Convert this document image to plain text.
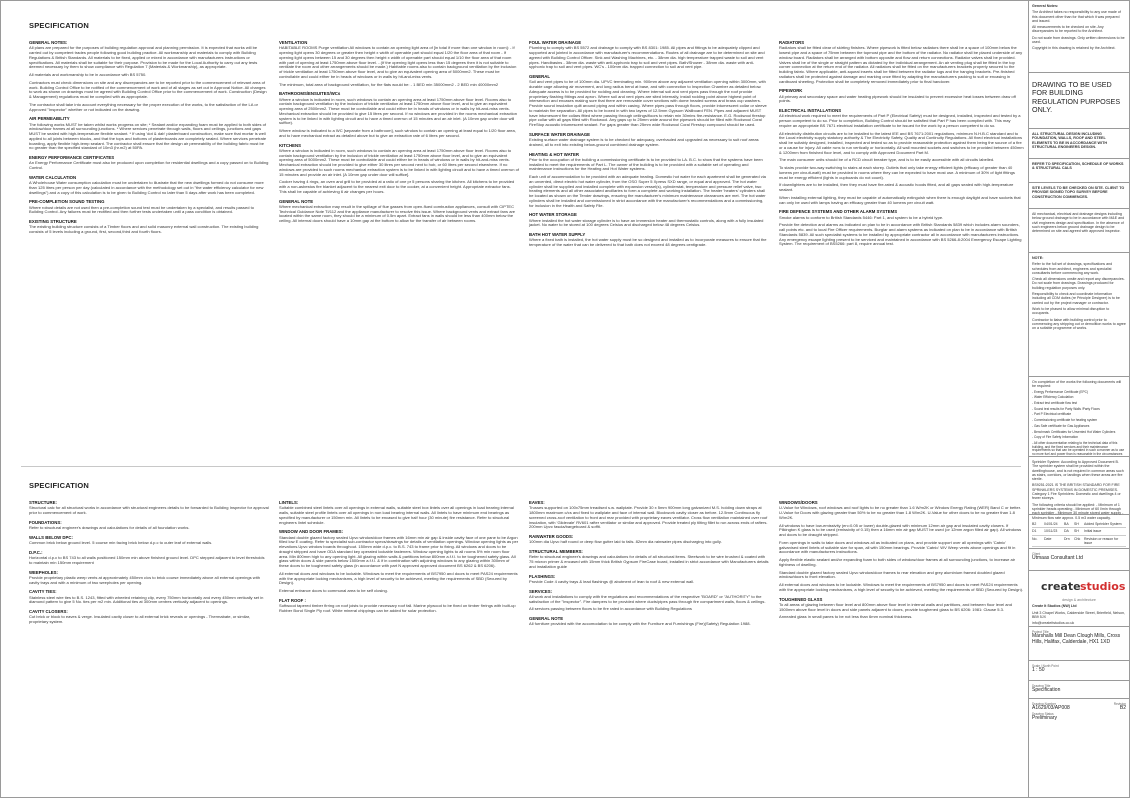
SPECIFICATION
GENERAL NOTES:

All plans are prepared for the purposes of building regulation approval and planning permission. It is expected that works will be carried out by competent trades people following good building practice. All workmanship and materials to comply with Building Regulations & British Standards. All materials to be fixed, applied or mixed in accordance with manufacturers instructions or specifications. All materials shall be suitable for their purpose. Provision to be made for the Local Authority to carry out any tests deemed necessary by them to show compliance with Regulation 7 (Materials & Workmanship), as appropriate.

All materials and workmanship to be in accordance with BS 5750.

Contractors must check dimensions on site and any discrepancies are to be reported prior to the commencement of relevant area of work. Building Control Office to be notified of the commencement of work and of all stages as set out in Approval Notice. All changes to work as shown on drawings must be agreed with Building Control Office prior to the commencement of work. Construction (Design & Management) regulations must be complied with as appropriate.

The contractor shall take into account everything necessary for the proper execution of the works, to the satisfaction of the LA or Approved "Inspector" whether or not indicated on the drawing.

AIR PERMEABILITY

The following works MUST be taken whilst works progress on site; * Sealant and/or expanding foam must be applied to both sides of window/door frames at all surrounding junctions. * Where services penetrate through walls, floors and ceilings, junctions and gaps MUST be sealed with high-temperature flexible sealant. * If using 'dot & dab' plasterboard construction, make sure that mortar is well applied to all joints between blocks, and that the tops and bottoms of plasterboards are completely sealed. Where services penetrate boarding, apply flexible high-temp sealant. The contractor shall ensure that the design air permeability of the building fabric must be no greater than the specified standard of 10m3 (hr.m2) at 50PA.

ENERGY PERFORMANCE CERTIFICATES

An Energy Performance Certificate must also be produced upon completion for residential dwellings and a copy passed on to Building Control.

WATER CALCULATION

A Wholehouse Water consumption calculation must be undertaken to illustrate that the new dwellings formed do not consume more than 125 litres per person per day (calculated in accordance with the methodology set out in "the water efficiency calculator for new dwellings") and a copy of this calculation is to be given to Building Control no later than 5 days after work has been completed.

PRE-COMPLETION SOUND TESTING

Where robust details are not used then a pre-completion sound test must be undertaken by a specialist, and results passed to Building Control. Any failures must be rectified and then further tests undertaken until a pass condition is obtained.

EXISTING STRUCTURE

The existing building structure consists of a Timber floors and and solid masonry external wall construction. The existing building consists of 5 levels including a ground, first, second,third and fourth floors.

VENTILATION

HABITABLE ROOMS Purge ventilation All windows to contain an opening light area of [in total if more than one window in room]: - If opening light opens 30 degrees or greater then height x width of openable part should equal 1/20 the floor area of that room - If opening light opens between 15 and 30 degrees then height x width of openable part should equal 1/10 the floor area of that room with part of opening at least 1750mm above floor level. - (If the opening light opens less than 15 degrees then it is not suitable to ventilate the room and other arrangements should be made.) Habitable rooms also to contain background ventilation by the inclusion of trickle ventilation at least 1750mm above floor level, and to give an equivalent opening area of 5000mm2. These must be controllable and could either be in heads of windows or in walls by hit-and-miss vents.

The minimum, total area of background ventilation, for the flats would be: - 1 BED min 35000mm2 - 2 BED min 40000mm2

BATHROOMS/ENSUITES/WCs

Where a window is indicated in room, such windows to contain an opening area at least 1750mm above floor level. Rooms also to contain background ventilation by the inclusion of trickle ventilation at least 1750mm above floor level, and to give an equivalent opening area of 2500mm2. These must be controllable and could either be in heads of windows or in walls by hit-and-miss vents. Mechanical extraction should be provided to give 15 litres per second. If no windows are provided in the rooms mechanical extraction system is to be linked in with lighting circuit and to have a timed overrun of 15 minutes and an air inlet. (A 10mm gap under door will suffice).

Where window is indicated to a WC [separate from a bathroom], such window to contain an opening at least equal to 1/20 floor area, and to have mechanical extract as detailed above but to give an extraction rate of 6 litres per second.

KITCHENS

Where a window is indicated in room, such windows to contain an opening area at least 1750mm above floor level. Rooms also to contain background ventilation by the inclusion of trickle ventilation at least 1750mm above floor level, and to give an equivalent opening area of 5000mm2. These must be controllable and could either be in heads of windows or in walls by hit-and-miss vents. Mechanical extraction should be provided to give either 30 litres per second next to hob, or 60 litres per second elsewhere. If no windows are provided to such rooms mechanical extraction system is to be linked in with lighting circuit and to have a timed overrun of 15 minutes and provide an air inlet. [A 10mm gap under door will suffice].

Cooker having 4 rings, an oven and grill to be provided at a ratio of one pr 5 persons sharing the kitchen. All kitchens to be provided with a non-asbestos fire blanket adjacent to the nearest exit door to the cooker, at a convenient height. Appropriate extractor fans. This shall be capable of achieving 6 air changes per hours.

GENERAL NOTE

Where mechanical extraction may result in the spillage of flue gasses from open-flued combustion appliances, consult with CIPTEC Technical Guidance Note TI/112 and the appliance manufacturer to resolve this issue. Where background vents and extract fans are located within the same room, they should be a minimum of 0.5m apart. Extract fans in walls should be less than 400mm below the ceiling. All internal doors should have a 10mm gap at the bottom to allow for the transfer of air between rooms.

FOUL WATER DRAINAGE

Plumbing to comply with BS 5572 and drainage to comply with BS 8301: 1985. All pipes and fittings to be adequately clipped and supported and jointed in accordance with manufacturer's recommendations. Routes of all drainage are to be determined on site and agreed with Building Control Officer. Sink and Washing Machines, etc. - 38mm dia. high temperature trapped waste to soil and vent pipes. Handbasins - 38mm dia. waste with anti-syphonic trap to soil and vent pipes. Bath/Shower - 38mm dia. waste with anti-syphonic trap to soil and vent pipes. WC's - 100mm dia. trapped connection to soil and vent pipe.

GENERAL

Soil and vent pipes to be of 100mm dia. UPVC terminating min. 900mm above any adjacent ventilation opening within 3000mm, with durable cage allowing air movement, and long radius bend at base, and with connection to Inspection Chamber as detailed below. Adequate access is to be provided for rodding and cleaning. Where internal soil and vent pipes pass through the roof provide proprietary flashing fittings and apron. Where soil and vent pipes are sited internally, install rodding point above highest point of intersection and encases making sure that there are removable cover sections with dome headed screws and brass cup washers. Provide sound insulation quilt around piping and within casing. Where pipes pass through floors, provide intumescent collar or sleeve to maintain fire separation. All pipes to be boxed in with two layers of 12.5mm Gypsum Wallboard FEN. Pipes and adjacent MUST have intumescent fire collars fitted where passing through ceilings/floors to retain min 30mins fire-resistance. E.G. Rockwool firestop pipe collar with all gaps filled with Rockwool. Any gaps up to 25mm wide around the pipework should be filled with Rockwool Coral FireStop acoustic intumescent sealant. For gaps greater than 25mm wide Rockwool Coral Firestop compound should be used.

SURFACE WATER DRAINAGE

Existing surface water drainage system is to be checked for adequacy, overhauled and upgraded as necessary to suit roof areas drained, all to exit into existing below-ground combined drainage system.

HEATING & HOT WATER

Prior to the occupation of the building a commissioning certificate is to be provided to LA. B.C. to show that the systems have been installed to meet the requirements of Part L. The owner of the building is to be provided with a suitable set of operating and maintenance instructions for the Heating and Hot Water systems.

Each unit of accommodation to be provided with an adequate heating. Domestic hot water for each apartment shall be generated via an unvented, direct electric hot water cylinder, from the OSO Super 5 Xpress SXD range, or equal and approved. The hot water cylinder shall be supplied and installed complete with expansion vessel(s), cylinderstat, temperature and pressure relief valve, two heating elements and all other associated ancillaries to form a complete and working installation. The heater 'heaters' cylinders shall be located as shown on the Tender drawings, ensuring the manufacturer's minimum maintenance clearances are met. The hot water cylinders shall be installed and commissioned in strict accordance with the manufacturer's recommendations and a commissioning, for inclusion in the Health and Safety File.

HOT WATER STORAGE

Where installed the hot water storage cylinder is to have an immersion heater and thermostatic controls, along with a fully insulated jacket. No water to be stored at 100 degrees Celsius and discharged below 48 degrees Celsius.

BATH HOT WATER SUPPLY

Where a fixed bath is installed, the hot water supply must be so designed and installed as to incorporate measures to ensure that the temperature of the water that can be delivered to that bath does not exceed 48 degrees centigrade.

RADIATORS

Radiators shall be fitted clear of skirting finishes. Where pipework is fitted below radiators there shall be a space of 100mm below the lowest pipe and a space of 75mm between the topmost pipe and the bottom of the radiator. No radiator shall be placed underside of any window board. Radiators shall be arranged with bottom opposite and flow and return connections. Radiator valves shall be provided. Valves shall be of the single or straight pattern as dictated by the individual arrangement. An air venting plug shall be fitted in the top corner connection at the return end of the radiator. All radiators shall be fitted on the manufacturers brackets properly secured to the building fabric. Where applicable, anti-squeal inserts shall be fitted between the radiator lugs and the hanging brackets. Pre-finished radiators shall be protected against damage and marking once fitted by adapting the manufacturers packing to suit or encasing in cardboard sheeting. Protection shall be completely removed immediately prior to final handover.

PIPEWORK

All primary and secondary space and water heating pipework should be insulated to prevent excessive heat losses between draw off points.

ELECTRICAL INSTALLATIONS

All electrical work required to meet the requirements of Part P (Electrical Safety) must be designed, installed, inspected and tested by a person competent to do so. Prior to completion, Building Control should be satisfied that Part P has been complied with. This may require an appropriate BS 7671 electrical installation certificate to be issued for the work by a person competent to do so.

All electricity distribution circuits are to be installed to the latest IEE and BS 7671:2001 regulations, minimum N.H.B.C standard and to the Local electricity supply statutory authority & The Electricity Safety, Quality and Continuity Regulations. All fixed electrical installations shall be suitably designed, installed, inspected and tested so as to provide reasonable protection against them being the source of a fire or a cause for injury. All cable runs to run vertically or horizontally. All wall mounted sockets and switches to be provided between 450mm & 1200mm from finished floor level, and to comply with Approved Document Part M.

The main consumer units should be of a RCD circuit breaker type, and is to be easily accessible with all circuits labelled.

To stairs provide two-way switching to stairs at each storey. Outlets that only take energy efficient lights (efficacy of greater than 40 lumens per circuit-watt) must be provided in rooms where they can be expected to have most use. A minimum of 30% of light fittings must be energy efficient (lights in cupboards do not count).

If downlighters are to be installed, then they must have fire-rated & acoustic hoods fitted, and all gaps sealed with high-temperature sealant.

When installing external lighting, they must be capable of automatically extinguish when there is enough daylight and have sockets that can only be used with lamps having an efficacy greater than 40 lumens per circuit watt.

FIRE DEFENCE SYSTEMS AND OTHER ALARM SYSTEMS

Smoke alarms to conform to British Standards 5446: Part 1, and system to be a hybrid type.

Provide fire detection and alarms as indicated on plan to be in accordance with British Standards 5839 which includes alarm sounders, call points etc. and to local Fire Officer requirements. Burglar and alarm systems as indicated on plan to be in accordance with British Standards 5839. All such specialist systems to be installed by appropriate contractor all in accordance with manufacturers instructions. Any emergency escape lighting present to be serviced and maintained in accordance with BS 5266-8:2004 Emergency Escape Lighting System. The requirement of BS5266: part 8, require annual test.

SPECIFICATION
STRUCTURE:

Structural calc for all structural works in accordance with structural engineers details to be forwarded to Building Inspector for approval prior to commencement of work.

FOUNDATIONS:

Refer to structural engineer's drawings and calculations for details of all foundation works.

WALLS BELOW DPC:

Common brick below ground level. 5 course min facing brick below d.p.c to outer leaf of external walls.

D.P.C.:

Horizontal d.p.c to BS 743 to all walls positioned 150mm min above finished ground level. DPC stepped adjacent to level thresholds to maintain min 150mm requirement

WEEPHOLES:

Provide proprietary plastic weep vents at approximately 450mm c/cs to brick course immediately above all external openings with cavity trays and with a minimum of two weepholes per opening.

CAVITY TIES:

Stainless steel wire ties to B.S. 1243, fitted with wheeled retaining clip, every 750mm horizontally and every 450mm vertically set in diamond pattern to give 5 No. ties per m2 min. Additional ties at 300mm centres vertically adjacent to openings.

CAVITY CLOSERS:

Cut brick or block to eaves & verge. Insulated cavity closer to all external brick reveals or openings - Thermabate, or similar, proprietary system.

LINTELS:

Suitable combined steel lintels over all openings in external walls, suitable steel box lintels over all openings in load bearing internal walls, suitable steel profile lintels over all openings in non load bearing internal walls. All lintels to have minimum end bearings as specified by manufacturer or 150mm min. All lintels to be encased to give half hour (30 minute) fire resistance. Refer to structural engineers lintel schedule.

WINDOW AND DOOR FRAMES:

Standard double glazed factory sealed Upvc window/door frames with 16mm min air gap & inside cavity face of one pane to be Argon filled low E coating. Refer to specialist sub-contractor specs/drawings for details of ventilation openings. Window opening lights as per elevations.Upvc window boards throughout. 150mm wide d.p.c. to B.S. 743 to frame prior to fixing. All windows and doors to be draught stripped and have ODA standard key operated lockable fasteners. Window opening lights to all rooms 5% min room floor area. Min 800mm high to any opening light. All glazing within walls & partitions below 800mm a.f.f.l. to be toughened safety glass. All glass within doors & side panels below 1500mm a.f.f.l. & if in combination with adjoining windows to any glazing within 300mm of these doors to be toughened safety glass (in accordance with part N approved approved document BS 6262 & BS 6206).

All external doors and windows to be lockable. Windows to meet the requirements of BS7950 and doors to meet PAS24 requirements with the appropriate locking mechanisms, a high level of security to be achieved, meeting the requirements of SBD (Secured by Design).

External entrance doors to communal area to be self closing.

FLAT ROOF :

Softwood tapered timber firring on roof joists to provide necessary roof fall. Marine plywood to be fixed on timber firrings with built-up Rubber Bond Single Ply roof. White mineral chippings can be added for solar protection.

EAVES:

Trusses supported on 100x75mm treadised s.w. wallplate. Provide 30 x 5mm 900mm long galvanized M.S. holding down straps at 1800mm maximum c/cs and fixed to wallplate and face of internal wall. Blockwork cavity closer as before. 12.5mm Continuous fly screened cross-roof ventilation to front and rear provided with proprietary eaves ventilator. Cross flow ventilation maintained over roof insulation, with 'Glidevale' RV601 rafter ventilator or similar and approved. Provide treated ply tilting fillet to run across ends of rafters. 200mm Upvc fascia/bargeboard & soffit.

RAINWATER GOODS:

100mm dia Upvc half round or deep flow gutter laid to falls. 82mm dia rainwater pipes discharging into gully.

STRUCTURAL MEMBERS:

Refer to structural engineer's drawings and calculations for details of all structural items. Steelwork to be wire brushed & coated with 75 micron primer & encased with 15mm thick British Gypsum FireCase board, installed in strict accordance with Manufacturers details and installation guide

FLASHINGS:

Provide Code 4 cavity trays & lead flashings @ abutment of lean to roof & new external wall.

SERVICES:

All work and installations to comply with the regulations and recommendations of the respective "BOARD" or "AUTHORITY" to the satisfaction of the "Inspector". Fire dampers to be provided where ducts/pipes pass through fire compartment walls, floors & ceilings.

All services passing between floors to be fire rated in accordance with Building Regulations

GENERAL NOTE

All furniture provided with the accomodation to be comply with the Furniture and Furnishings (Fire)(Safety) Regulation 1988.

WINDOWS/DOORS

U-Value for Windows, roof windows and roof lights to be no greater than 1.6 W/m2K or Window Energy Rating (WER) Band C or better. U-Value for Doors with glazing greater than 50% to be no greater than 1.8 W/m2K. U-Value for other doors to be no greater than 1.8 W/m2K.

All windows to have low-emissivity (en=0.05 or lower) double-glazed with minimum 12mm air gap and insulated cavity closers. If Pilkington K glass is to be used (emissivity of 0.15) then a 16mm min air gap MUST be used (or 12mm argon filled air gap). All windows and doors to be draught stripped.

Form openings in walls to take doors and windows all as indicated on plans, and provide support over all openings with 'Catnic' galvanised steel lintels of suitable size for span, all with 150mm bearings. Provide 'Catnic' WV Weep vents above openings and fit in accordance with manufacturers instructions.

Apply flexible elastic sealant and/or expanding foam to both sides of window/door frames at all surrounding junctions, to increase air tightness of dwelling.

Standard double glazed factory sealed Upvc window/door frames to rear elevation and grey aluminium framed doubled glazed window/doors to front elevation.

All external doors and windows to be lockable. Windows to meet the requirements of BS7950 and doors to meet PAS24 requirements with the appropriate locking mechanisms, a high level of security to be achieved, meeting the requirements of SBD (Secured by Design).

TOUGHENED GLASS

To all areas of glazing between floor level and 800mm above floor level in internal walls and partitions, and between floor level and 1500mm above floor level in doors and side panels adjacent to doors, provide toughened glass to BS 6206: 1981: Clause 5.3.

Annealed glass in small panes to be not less than 6mm nominal thickness.

General Notes:

The Architect takes no responsibility to any use made of this document other than for that which it was prepared and issued.

All measurements to be checked on site. Any discrepancies to be reported to the Architect.

Do not scale from drawings. Only written dimensions to be used.

Copyright in this drawing is retained by the Architect.

DRAWING TO BE USED FOR BUILDING REGULATION PURPOSES ONLY.

ALL STRUCTURAL DESIGN INCLUDING FOUNDATION, WALLS, ROOF AND STEEL ELEMENTS TO BE IN ACCORDANCE WITH STRUCTURAL ENGINEERS DESIGN.

REFER TO SPECIFICATION, SCHEDULE OF WORKS & STRUCTURAL CALS

SITE LEVELS TO BE CHECKED ON SITE. CLIENT TO PROVIDE SIGNED TOPO SURVEY BEFORE CONSTRUCTION COMMENCES.

All mechanical, electrical and drainage designs including below ground drainage to be in accordance with M&E and civil engineers design and specification. In the absence of such engineers below ground drainage design to be determined on site and agreed with approved inspector.

NOTE:

Refer to the full set of drawings, specifications and schedules from architect, engineers and specialist consultants before commencing any work.

Check all dimensions onsite and report any discrepancies. Do not scale from drawings. Drawings produced for building regulation purposes only.

Responsibility to check and coordinate information including all CDM duties (re Principle Designer) is to be carried out by the project manager or contractor.

Work to be phased to allow minimal disruption to occupants.

Contractor to liaise with building control prior to commencing any stripping out or demolition works to agree on a suitable programme of works.

On completion of the works the following documents will be required:

- Energy Performance Certificate (EPC)

- Water Efficiency Calculation

- Extract test certificate flow test

- Sound test results for Party Walls /Party Floors

- Part P Electrical certificate

- Commissioning certificate for heating system

- Gas Safe certificate for Gas Appliances

- Benchmark Certificates for Unvented Hot Water Cylinders

- Copy of Fire Safety Information

- All other documentation relating to the technical data of this building, and the fixed services and their maintenance requirements so that can be operated in such a manner as to use no more fuel and power than is reasonable in the circumstances

Sprinkler System: According to Approved Document B. The sprinkler system shall be provided within the dwellinghouse, and is not required in common areas such as stairs, corridors, or landings when these areas are fire sterile.

BS9251:2021 IS THE BRITISH STANDARD FOR FIRE SPRINKLERS SYSTEMS IN DOMESTIC PREMISES. Category 1 Fire Sprinklers: Domestic and dwellings 4 or fewer storeys.

The following criteria should be applied: - Minimum of 1 sprinkler heads operating - Minimum of 60 l/min through each sprinkler - Minimum 30 minute stored water supply - Minimum flow rate approx. 0.5 m3 water capacity.

B2	04/01/24	BA	SH	Added Sprinkler System
D1	10/11/23	DA	SH	Initial issue
No.	Date	Drn Chk Revision or reason for issue
Client
Utmaas Consultant Ltd
create studios

design & architecture

Create It Studios (NW) Ltd

Unit 3 Chapel Works, Calderside Street, Brierfield, Nelson, BB9 5JX

info@createitstudios.co.uk

Project Title
Marshalls Mill Dean Clough Mills, Cross Hills, Halifax, Calderdale, HX1 1XD
Scale / North Point
1 : 50
Drawing Title
Specification
Drawing Number
A1629/03/AP008
Drawing Status
Preliminary
Revision
B2
